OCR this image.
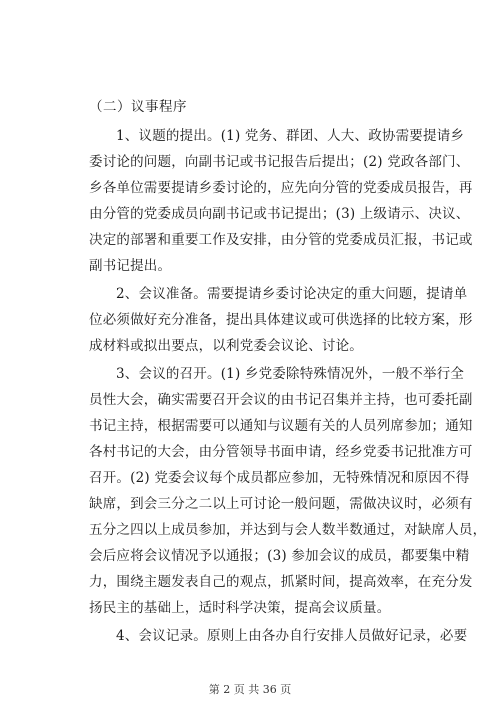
（二）议事程序
1、议题的提出。(1) 党务、群团、人大、政协需要提请乡
委讨论的问题，向副书记或书记报告后提出；(2) 党政各部门、
乡各单位需要提请乡委讨论的，应先向分管的党委成员报告，再
由分管的党委成员向副书记或书记提出；(3) 上级请示、决议、
决定的部署和重要工作及安排，由分管的党委成员汇报，书记或
副书记提出。
2、会议准备。需要提请乡委讨论决定的重大问题，提请单
位必须做好充分准备，提出具体建议或可供选择的比较方案，形
成材料或拟出要点，以利党委会议论、讨论。
3、会议的召开。(1) 乡党委除特殊情况外，一般不举行全
员性大会，确实需要召开会议的由书记召集并主持，也可委托副
书记主持，根据需要可以通知与议题有关的人员列席参加；通知
各村书记的大会，由分管领导书面申请，经乡党委书记批准方可
召开。(2) 党委会议每个成员都应参加，无特殊情况和原因不得
缺席，到会三分之二以上可讨论一般问题，需做决议时，必须有
五分之四以上成员参加，并达到与会人数半数通过，对缺席人员，
会后应将会议情况予以通报；(3) 参加会议的成员，都要集中精
力，围绕主题发表自己的观点，抓紧时间，提高效率，在充分发
扬民主的基础上，适时科学决策，提高会议质量。
4、会议记录。原则上由各办自行安排人员做好记录，必要
第 2 页 共 36 页
